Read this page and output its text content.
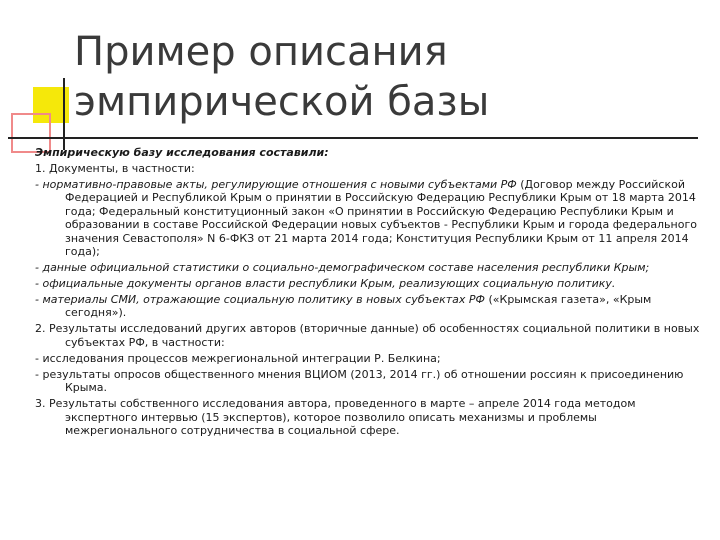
Пример описания
эмпирической базы

Эмпирическую базу исследования составили:

1. Документы, в частности:

- нормативно-правовые акты, регулирующие отношения с новыми субъектами РФ (Договор между Российской Федерацией и Республикой Крым о принятии в Российскую Федерацию Республики Крым от 18 марта 2014 года; Федеральный конституционный закон «О принятии в Российскую Федерацию Республики Крым и образовании в составе Российской Федерации новых субъектов - Республики Крым и города федерального значения Севастополя» N 6-ФКЗ от 21 марта 2014 года; Конституция Республики Крым от 11 апреля 2014 года);

- данные официальной статистики о социально-демографическом составе населения республики Крым;

- официальные документы органов власти республики Крым, реализующих социальную политику.

- материалы СМИ, отражающие социальную политику в новых субъектах РФ («Крымская газета», «Крым сегодня»).

2. Результаты исследований других авторов (вторичные данные) об особенностях социальной политики в новых субъектах РФ, в частности:

- исследования процессов межрегиональной интеграции Р. Белкина;

- результаты опросов общественного мнения ВЦИОМ (2013, 2014 гг.) об отношении россиян к присоединению Крыма.

3. Результаты собственного исследования автора, проведенного в марте – апреле 2014 года методом экспертного интервью (15 экспертов), которое позволило описать механизмы и проблемы межрегионального сотрудничества в социальной сфере.
